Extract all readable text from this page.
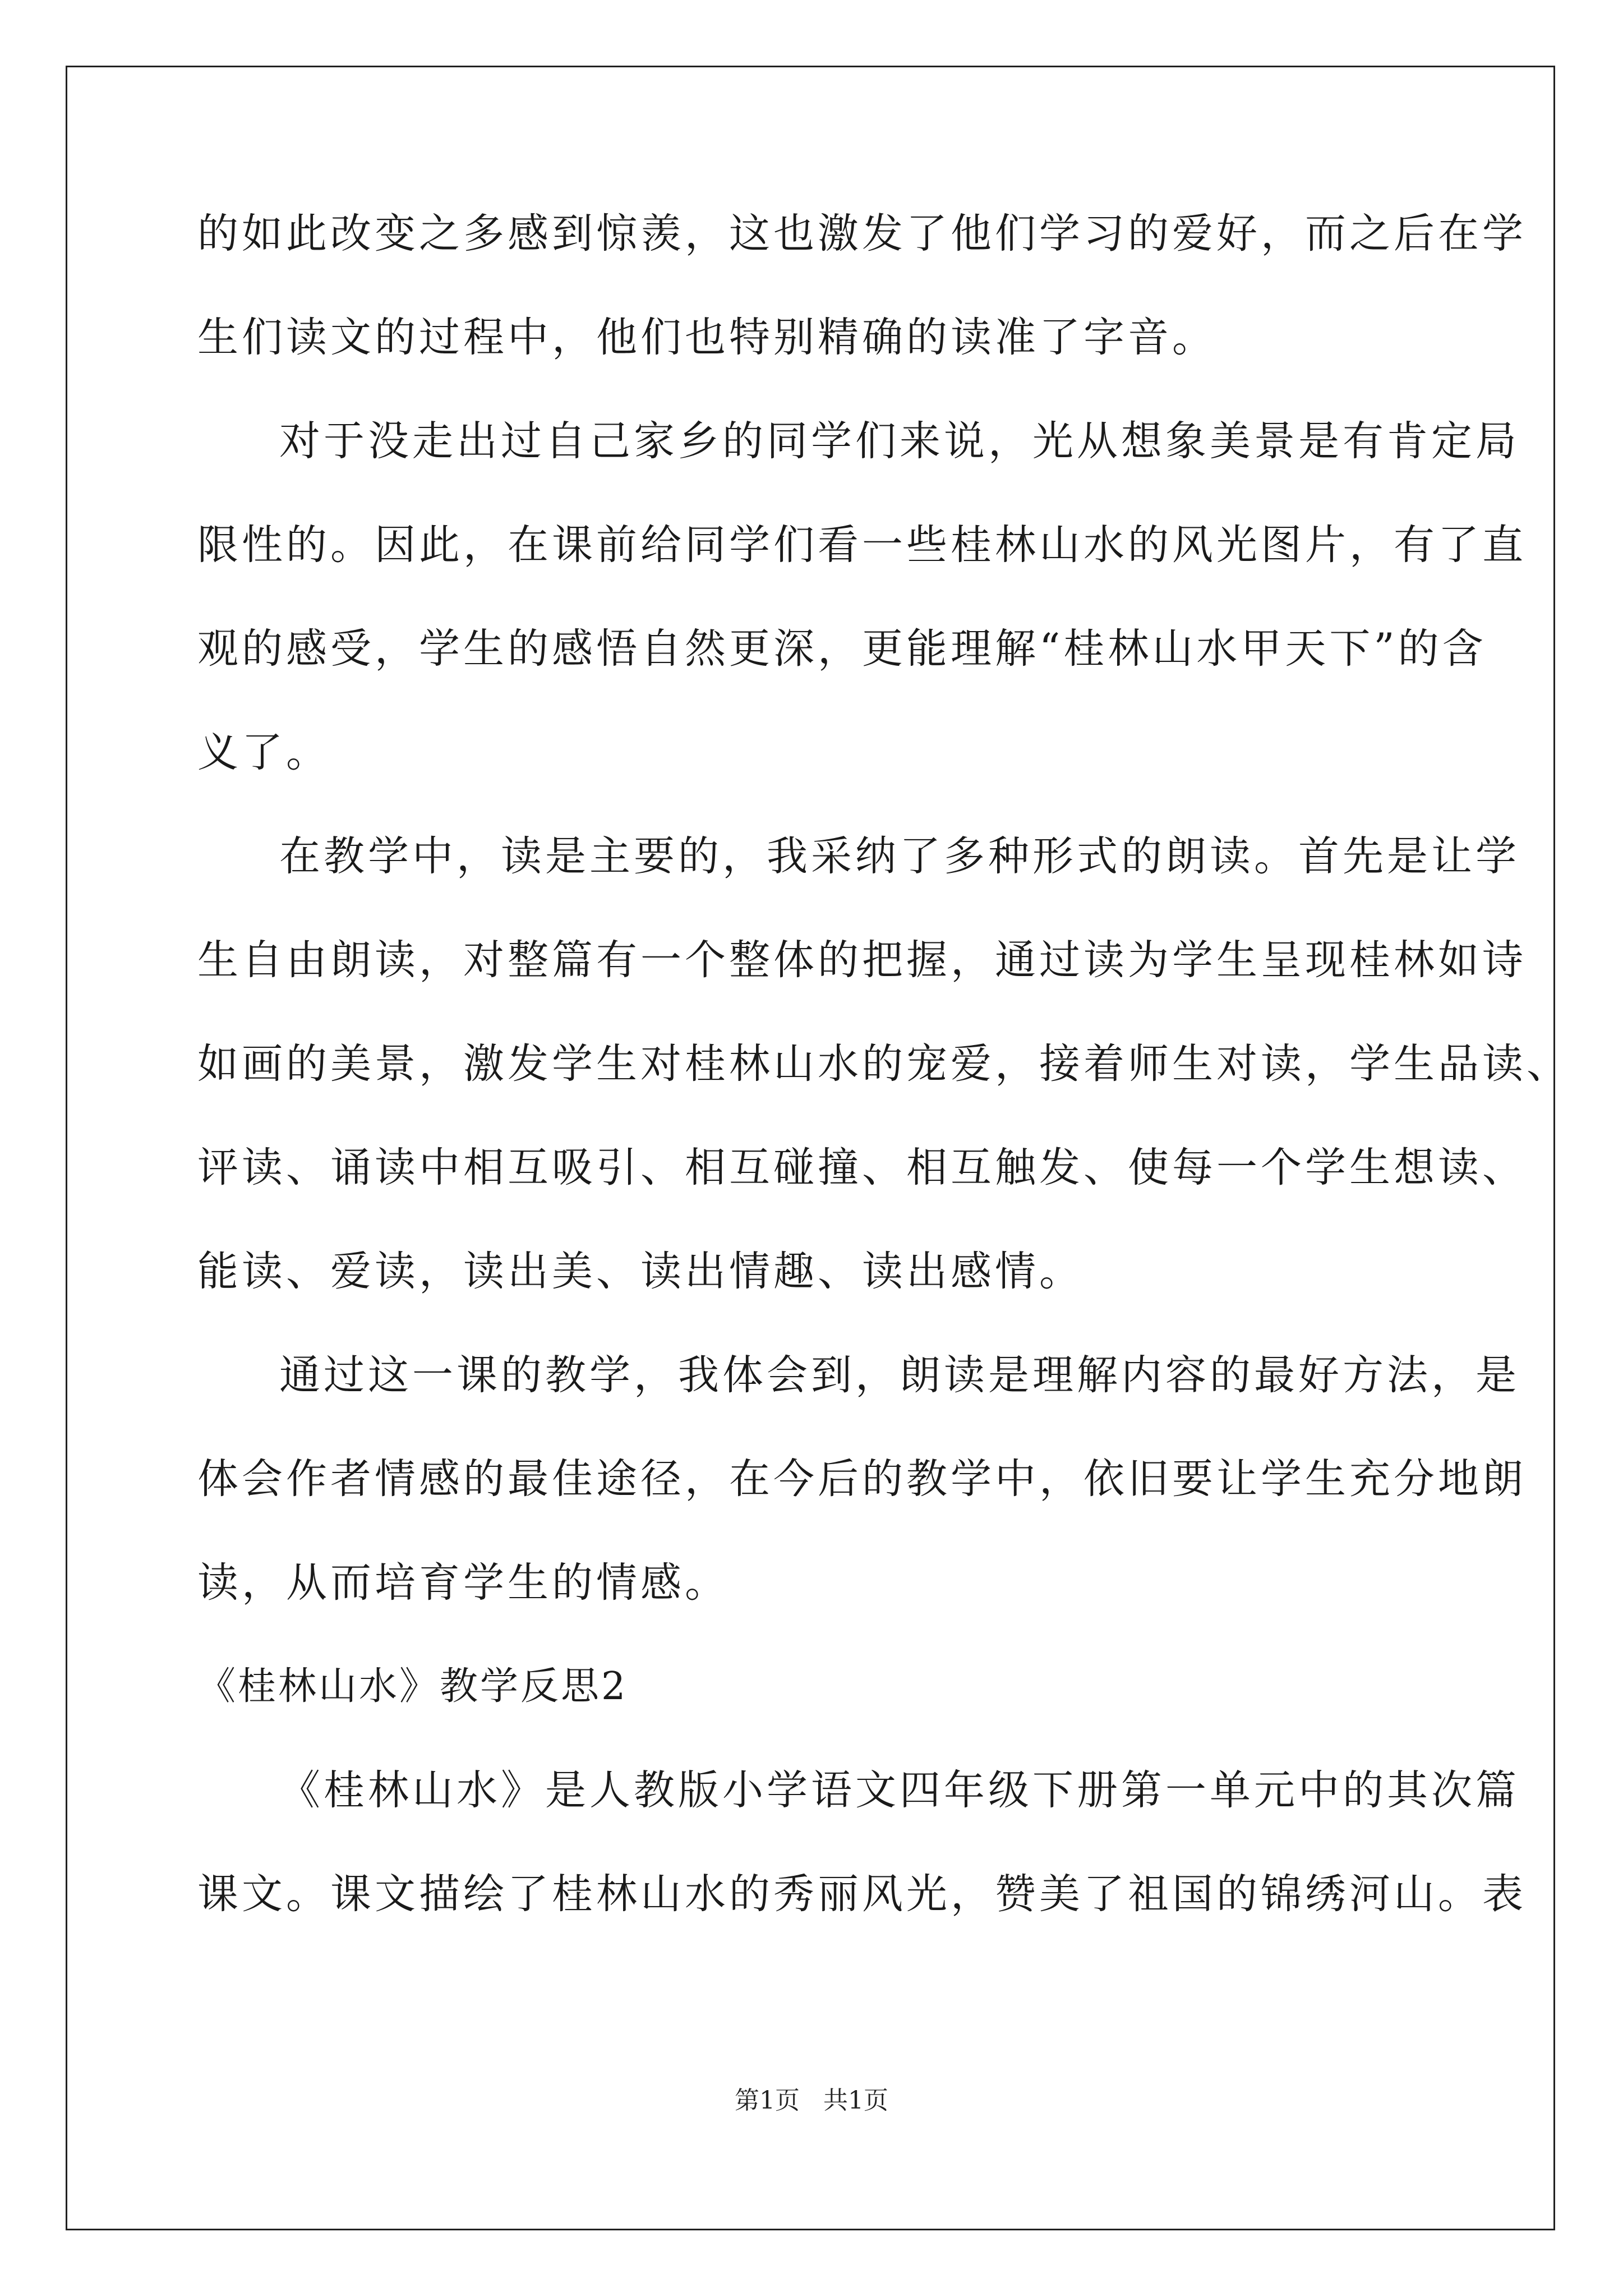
的如此改变之多感到惊羡，这也激发了他们学习的爱好，而之后在学
生们读文的过程中，他们也特别精确的读准了字音。
对于没走出过自己家乡的同学们来说，光从想象美景是有肯定局
限性的。因此，在课前给同学们看一些桂林山水的风光图片，有了直
观的感受，学生的感悟自然更深，更能理解“桂林山水甲天下”的含
义了。
在教学中，读是主要的，我采纳了多种形式的朗读。首先是让学
生自由朗读，对整篇有一个整体的把握，通过读为学生呈现桂林如诗
如画的美景，激发学生对桂林山水的宠爱，接着师生对读，学生品读、
评读、诵读中相互吸引、相互碰撞、相互触发、使每一个学生想读、
能读、爱读，读出美、读出情趣、读出感情。
通过这一课的教学，我体会到，朗读是理解内容的最好方法，是
体会作者情感的最佳途径，在今后的教学中，依旧要让学生充分地朗
读，从而培育学生的情感。
《桂林山水》教学反思2
《桂林山水》是人教版小学语文四年级下册第一单元中的其次篇
课文。课文描绘了桂林山水的秀丽风光，赞美了祖国的锦绣河山。表
第1页 共1页
